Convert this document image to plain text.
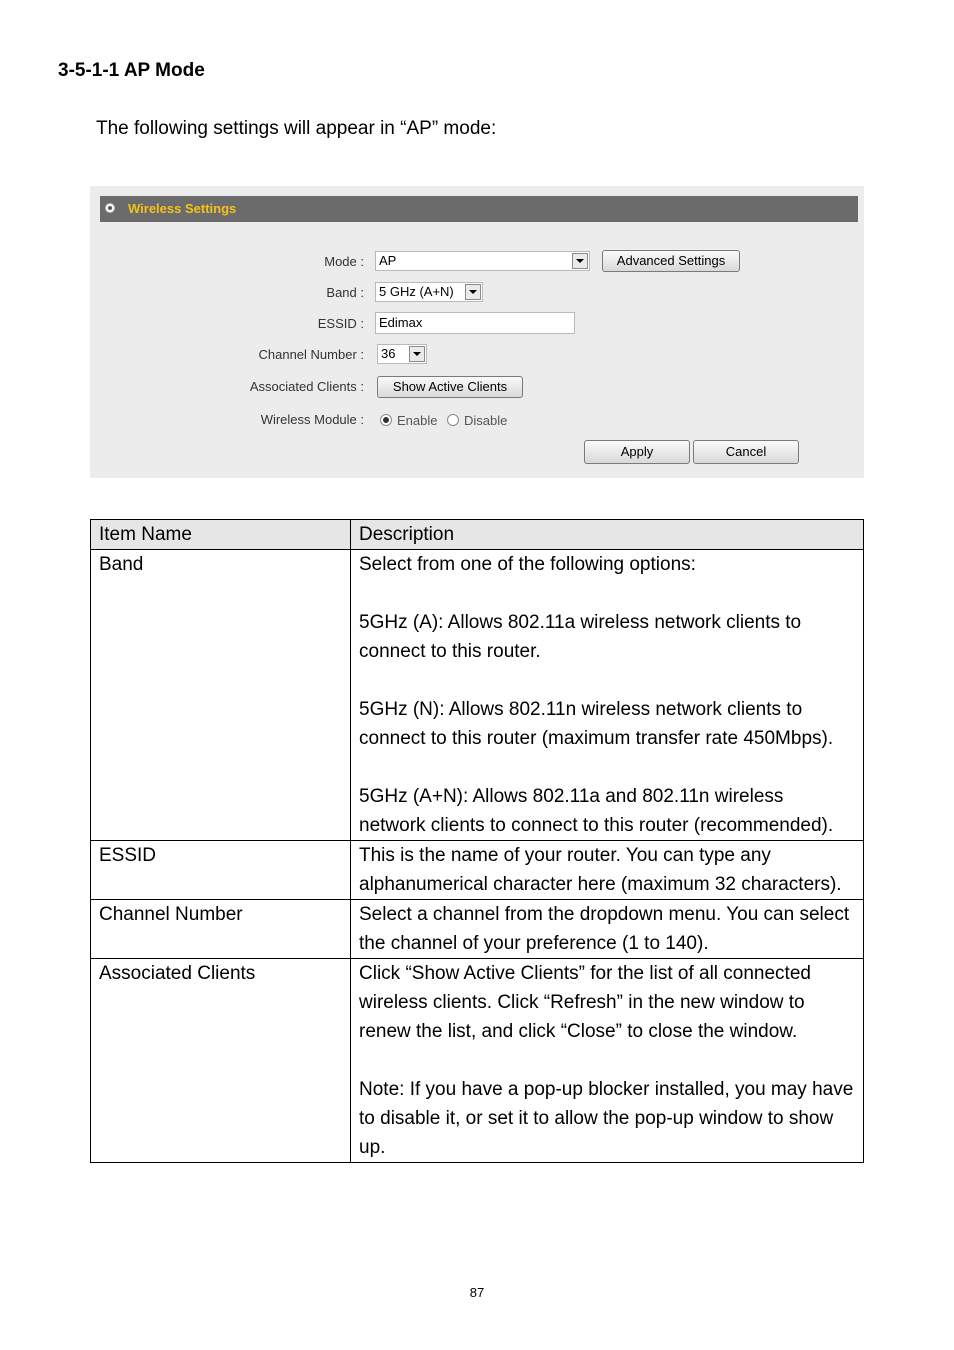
3-5-1-1 AP Mode
The following settings will appear in “AP” mode:
Wireless Settings
Mode :	AP	Advanced Settings
Band :	5 GHz (A+N)
ESSID :	Edimax
Channel Number :	36
Associated Clients :	Show Active Clients
Wireless Module :	Enable Disable
Apply	Cancel
Item Name	Description
Band	Select from one of the following options:
5GHz (A): Allows 802.11a wireless network clients to connect to this router.
5GHz (N): Allows 802.11n wireless network clients to connect to this router (maximum transfer rate 450Mbps).
5GHz (A+N): Allows 802.11a and 802.11n wireless network clients to connect to this router (recommended).

ESSID	This is the name of your router. You can type any alphanumerical character here (maximum 32 characters).

Channel Number	Select a channel from the dropdown menu. You can select the channel of your preference (1 to 140).

Associated Clients	Click “Show Active Clients” for the list of all connected wireless clients. Click “Refresh” in the new window to renew the list, and click “Close” to close the window.
Note: If you have a pop-up blocker installed, you may have to disable it, or set it to allow the pop-up window to show up.
87
